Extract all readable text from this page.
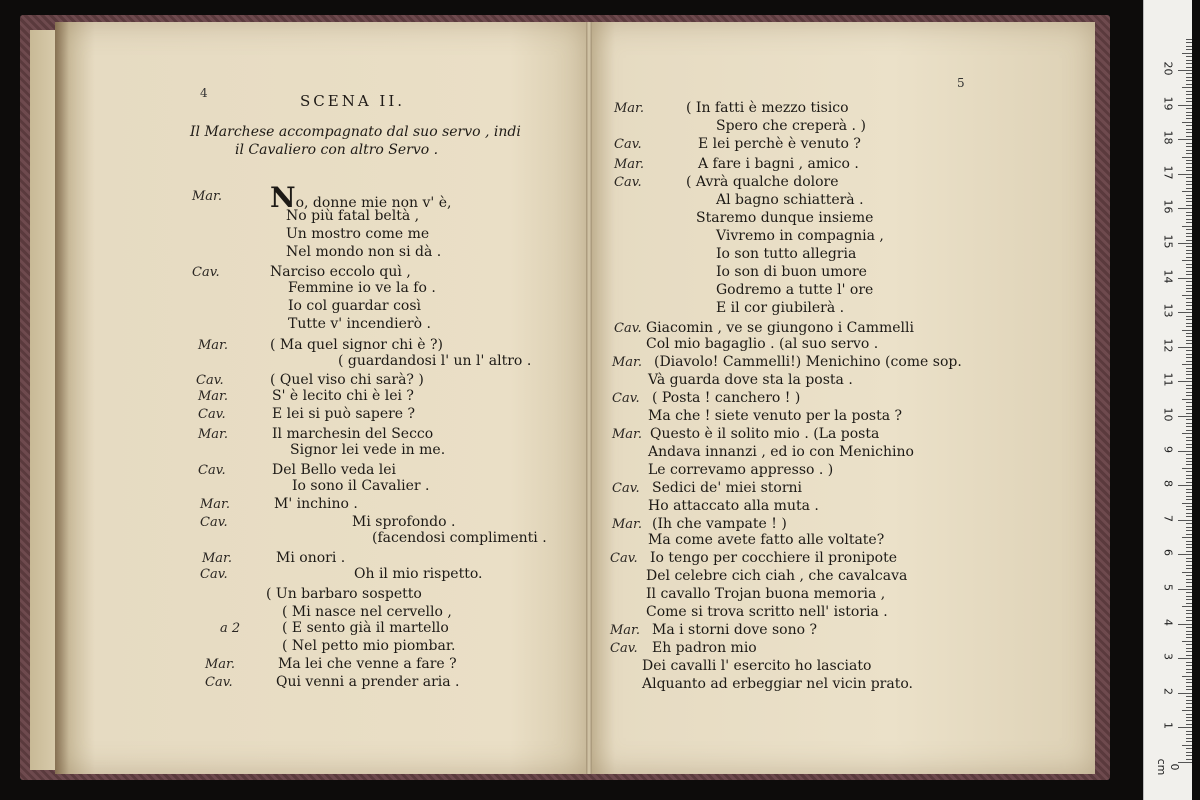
4
5
SCENA II.
Il Marchese accompagnato dal suo servo , indi
il Cavaliero con altro Servo .
Mar. No, donne mie non v' è,
No più fatal beltà ,
Un mostro come me
Nel mondo non si dà .
Cav.	Narciso eccolo quì ,
Femmine io ve la fo .
Io col guardar così
Tutte v' incendierò .
Mar.	( Ma quel signor chi è ?)
( guardandosi l' un l' altro .
Cav.	( Quel viso chi sarà? )
Mar.	S' è lecito chi è lei ?
Cav.	E lei si può sapere ?
Mar.	Il marchesin del Secco
Signor lei vede in me.
Cav.	Del Bello veda lei
Io sono il Cavalier .
Mar.	M' inchino .
Cav.	Mi sprofondo .
(facendosi complimenti .
Mar.	Mi onori .
Cav.	Oh il mio rispetto.
( Un barbaro sospetto
( Mi nasce nel cervello ,
a 2	( E sento già il martello
( Nel petto mio piombar.
Mar.	Ma lei che venne a fare ?
Cav.	Qui venni a prender aria .
Mar.	( In fatti è mezzo tisico
Spero che creperà . )
Cav.	E lei perchè è venuto ?
Mar.	A fare i bagni , amico .
Cav.	( Avrà qualche dolore
Al bagno schiatterà .
Staremo dunque insieme
Vivremo in compagnia ,
Io son tutto allegria
Io son di buon umore
Godremo a tutte l' ore
E il cor giubilerà .
Cav. Giacomin , ve se giungono i Cammelli
Col mio bagaglio . (al suo servo .
Mar. (Diavolo! Cammelli!) Menichino (come sop.
Và guarda dove sta la posta .
Cav. ( Posta ! canchero ! )
Ma che ! siete venuto per la posta ?
Mar. Questo è il solito mio . (La posta
Andava innanzi , ed io con Menichino
Le correvamo appresso . )
Cav. Sedici de' miei storni
Ho attaccato alla muta .
Mar. (Ih che vampate ! )
Ma come avete fatto alle voltate?
Cav. Io tengo per cocchiere il pronipote
Del celebre cich ciah , che cavalcava
Il cavallo Trojan buona memoria ,
Come si trova scritto nell' istoria .
Mar. Ma i storni dove sono ?
Cav. Eh padron mio
Dei cavalli l' esercito ho lasciato
Alquanto ad erbeggiar nel vicin prato.
0 cm
1
2
3
4
5
6
7
8
9
10
11
12
13
14
15
16
17
18
19
20
